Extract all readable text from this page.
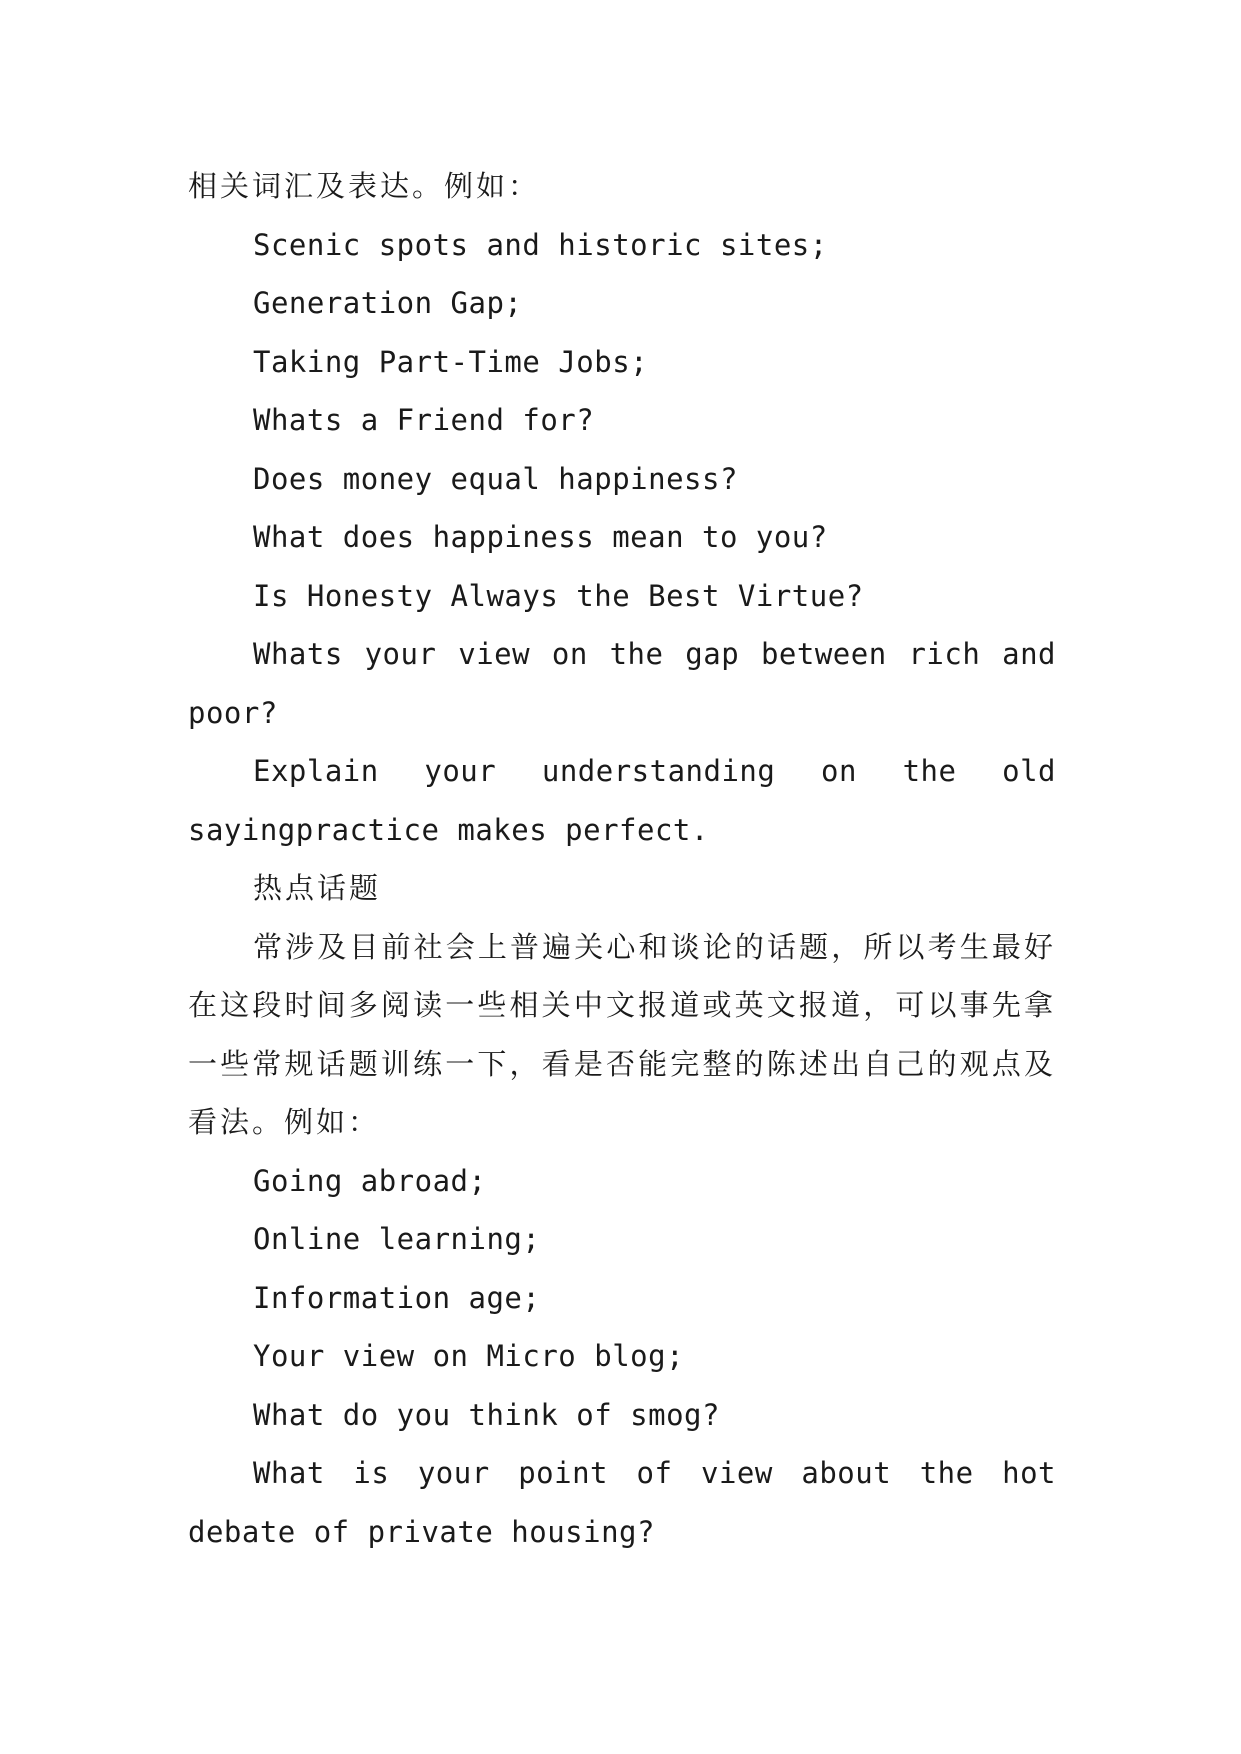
相关词汇及表达。例如：

Scenic spots and historic sites;

Generation Gap;

Taking Part-Time Jobs;

Whats a Friend for?

Does money equal happiness?

What does happiness mean to you?

Is Honesty Always the Best Virtue?

Whats your view on the gap between rich and poor?

Explain your understanding on the old sayingpractice makes perfect.

热点话题

常涉及目前社会上普遍关心和谈论的话题，所以考生最好在这段时间多阅读一些相关中文报道或英文报道，可以事先拿一些常规话题训练一下，看是否能完整的陈述出自己的观点及看法。例如：

Going abroad;

Online learning;

Information age;

Your view on Micro blog;

What do you think of smog?

What is your point of view about the hot debate of private housing?
